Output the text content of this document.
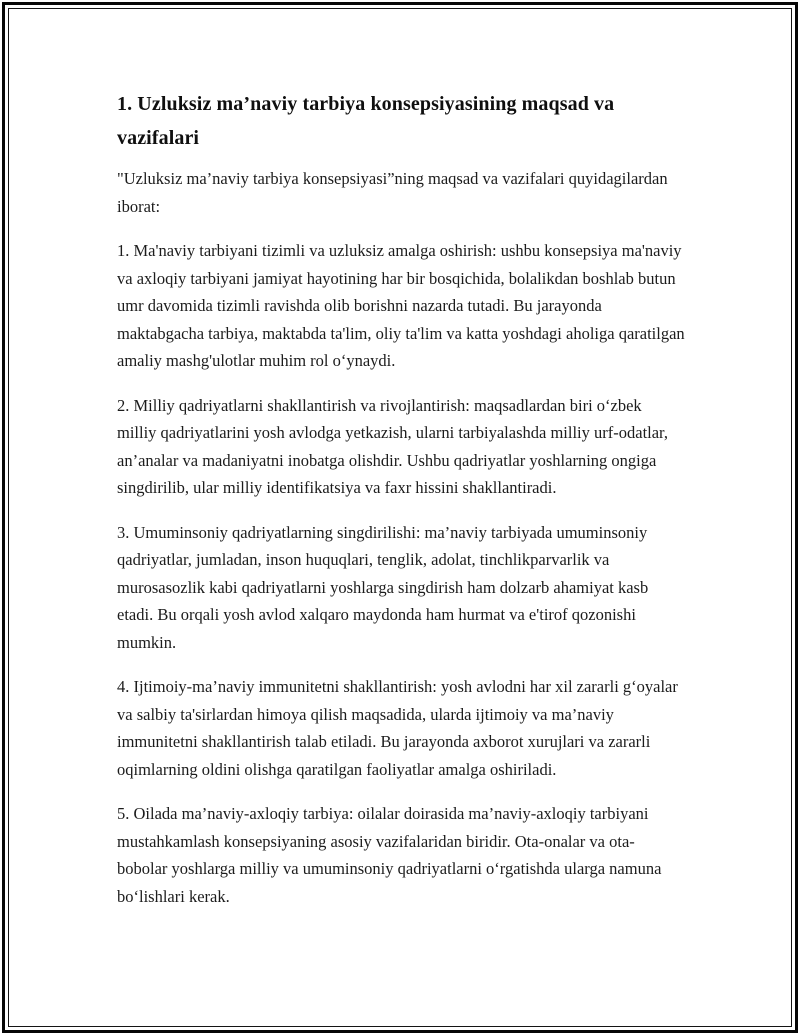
1. Uzluksiz ma’naviy tarbiya konsepsiyasining maqsad va vazifalari

"Uzluksiz ma’naviy tarbiya konsepsiyasi”ning maqsad va vazifalari quyidagilardan iborat:

1. Ma'naviy tarbiyani tizimli va uzluksiz amalga oshirish: ushbu konsepsiya ma'naviy va axloqiy tarbiyani jamiyat hayotining har bir bosqichida, bolalikdan boshlab butun umr davomida tizimli ravishda olib borishni nazarda tutadi. Bu jarayonda maktabgacha tarbiya, maktabda ta'lim, oliy ta'lim va katta yoshdagi aholiga qaratilgan amaliy mashg'ulotlar muhim rol oʻynaydi.

2. Milliy qadriyatlarni shakllantirish va rivojlantirish: maqsadlardan biri oʻzbek milliy qadriyatlarini yosh avlodga yetkazish, ularni tarbiyalashda milliy urf-odatlar, an’analar va madaniyatni inobatga olishdir. Ushbu qadriyatlar yoshlarning ongiga singdirilib, ular milliy identifikatsiya va faxr hissini shakllantiradi.

3. Umuminsoniy qadriyatlarning singdirilishi: ma’naviy tarbiyada umuminsoniy qadriyatlar, jumladan, inson huquqlari, tenglik, adolat, tinchlikparvarlik va murosasozlik kabi qadriyatlarni yoshlarga singdirish ham dolzarb ahamiyat kasb etadi. Bu orqali yosh avlod xalqaro maydonda ham hurmat va e'tirof qozonishi mumkin.

4. Ijtimoiy-ma’naviy immunitetni shakllantirish: yosh avlodni har xil zararli gʻoyalar va salbiy ta'sirlardan himoya qilish maqsadida, ularda ijtimoiy va ma’naviy immunitetni shakllantirish talab etiladi. Bu jarayonda axborot xurujlari va zararli oqimlarning oldini olishga qaratilgan faoliyatlar amalga oshiriladi.

5. Oilada ma’naviy-axloqiy tarbiya: oilalar doirasida ma’naviy-axloqiy tarbiyani mustahkamlash konsepsiyaning asosiy vazifalaridan biridir. Ota-onalar va ota-bobolar yoshlarga milliy va umuminsoniy qadriyatlarni oʻrgatishda ularga namuna boʻlishlari kerak.
